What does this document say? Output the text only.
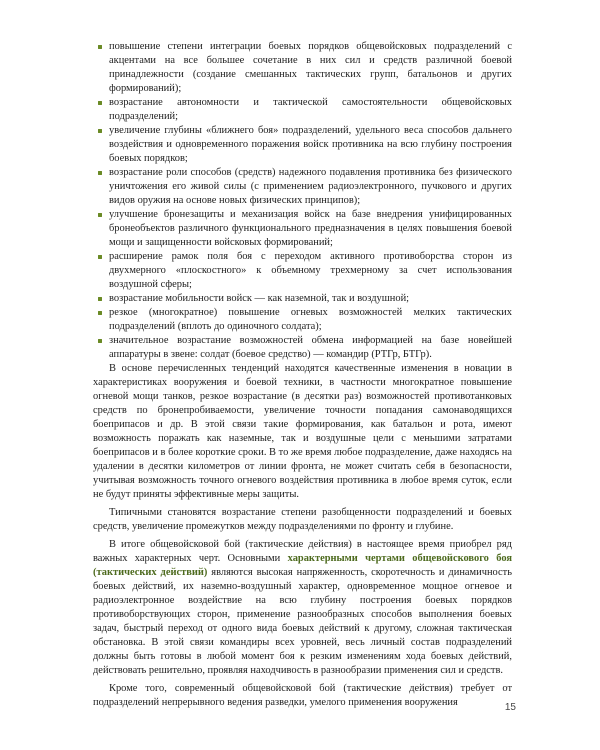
повышение степени интеграции боевых порядков общевойсковых подразделений с акцентами на все большее сочетание в них сил и средств различной боевой принадлежности (создание смешанных тактических групп, батальонов и других формирований);
возрастание автономности и тактической самостоятельности общевойсковых подразделений;
увеличение глубины «ближнего боя» подразделений, удельного веса способов дальнего воздействия и одновременного поражения войск противника на всю глубину построения боевых порядков;
возрастание роли способов (средств) надежного подавления противника без физического уничтожения его живой силы (с применением радиоэлектронного, пучкового и других видов оружия на основе новых физических принципов);
улучшение бронезащиты и механизация войск на базе внедрения унифицированных бронеобъектов различного функционального предназначения в целях повышения боевой мощи и защищенности войсковых формирований;
расширение рамок поля боя с переходом активного противоборства сторон из двухмерного «плоскостного» к объемному трехмерному за счет использования воздушной сферы;
возрастание мобильности войск — как наземной, так и воздушной;
резкое (многократное) повышение огневых возможностей мелких тактических подразделений (вплоть до одиночного солдата);
значительное возрастание возможностей обмена информацией на базе новейшей аппаратуры в звене: солдат (боевое средство) — командир (РТГр, БТГр).

В основе перечисленных тенденций находятся качественные изменения в новации в характеристиках вооружения и боевой техники, в частности многократное повышение огневой мощи танков, резкое возрастание (в десятки раз) возможностей противотанковых средств по бронепробиваемости, увеличение точности попадания самонаводящихся боеприпасов и др. В этой связи такие формирования, как батальон и рота, имеют возможность поражать как наземные, так и воздушные цели с меньшими затратами боеприпасов и в более короткие сроки. В то же время любое подразделение, даже находясь на удалении в десятки километров от линии фронта, не может считать себя в безопасности, учитывая возможность точного огневого воздействия противника в любое время суток, если не будут приняты эффективные меры защиты.

Типичными становятся возрастание степени разобщенности подразделений и боевых средств, увеличение промежутков между подразделениями по фронту и глубине.

В итоге общевойсковой бой (тактические действия) в настоящее время приобрел ряд важных характерных черт. Основными характерными чертами общевойскового боя (тактических действий) являются высокая напряженность, скоротечность и динамичность боевых действий, их наземно-воздушный характер, одновременное мощное огневое и радиоэлектронное воздействие на всю глубину построения боевых порядков противоборствующих сторон, применение разнообразных способов выполнения боевых задач, быстрый переход от одного вида боевых действий к другому, сложная тактическая обстановка. В этой связи командиры всех уровней, весь личный состав подразделений должны быть готовы в любой момент боя к резким изменениям хода боевых действий, действовать решительно, проявляя находчивость в разнообразии применения сил и средств.

Кроме того, современный общевойсковой бой (тактические действия) требует от подразделений непрерывного ведения разведки, умелого применения вооружения	15
